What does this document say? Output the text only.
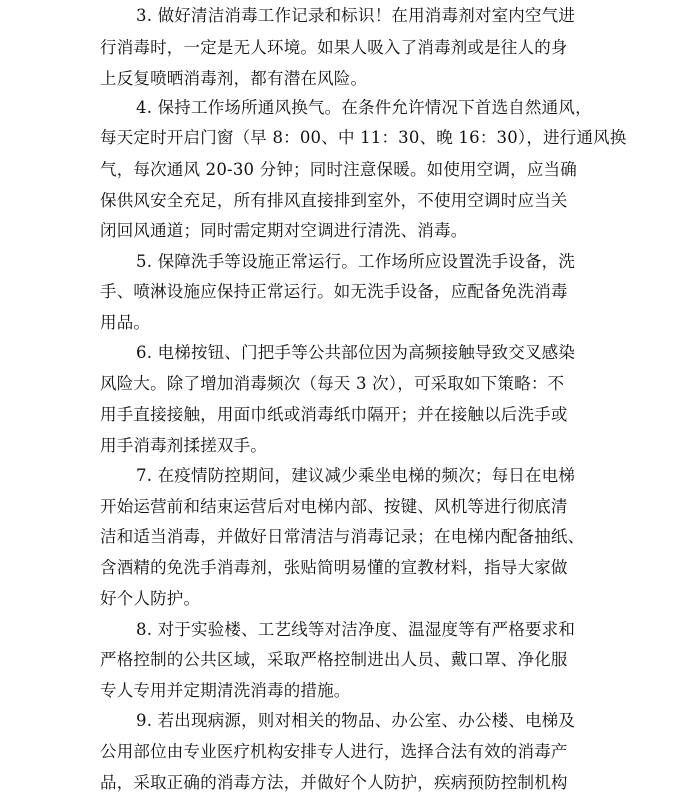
3. 做好清洁消毒工作记录和标识！在用消毒剂对室内空气进
行消毒时，一定是无人环境。如果人吸入了消毒剂或是往人的身
上反复喷晒消毒剂，都有潜在风险。
4. 保持工作场所通风换气。在条件允许情况下首选自然通风，
每天定时开启门窗（早 8：00、中 11：30、晚 16：30），进行通风换
气，每次通风 20-30 分钟；同时注意保暖。如使用空调，应当确
保供风安全充足，所有排风直接排到室外，不使用空调时应当关
闭回风通道；同时需定期对空调进行清洗、消毒。
5. 保障洗手等设施正常运行。工作场所应设置洗手设备，洗
手、喷淋设施应保持正常运行。如无洗手设备，应配备免洗消毒
用品。
6. 电梯按钮、门把手等公共部位因为高频接触导致交叉感染
风险大。除了增加消毒频次（每天 3 次），可采取如下策略：不
用手直接接触，用面巾纸或消毒纸巾隔开；并在接触以后洗手或
用手消毒剂揉搓双手。
7. 在疫情防控期间，建议减少乘坐电梯的频次；每日在电梯
开始运营前和结束运营后对电梯内部、按键、风机等进行彻底清
洁和适当消毒，并做好日常清洁与消毒记录；在电梯内配备抽纸、
含酒精的免洗手消毒剂，张贴简明易懂的宣教材料，指导大家做
好个人防护。
8. 对于实验楼、工艺线等对洁净度、温湿度等有严格要求和
严格控制的公共区域，采取严格控制进出人员、戴口罩、净化服
专人专用并定期清洗消毒的措施。
9. 若出现病源，则对相关的物品、办公室、办公楼、电梯及
公用部位由专业医疗机构安排专人进行，选择合法有效的消毒产
品，采取正确的消毒方法，并做好个人防护，疾病预防控制机构
